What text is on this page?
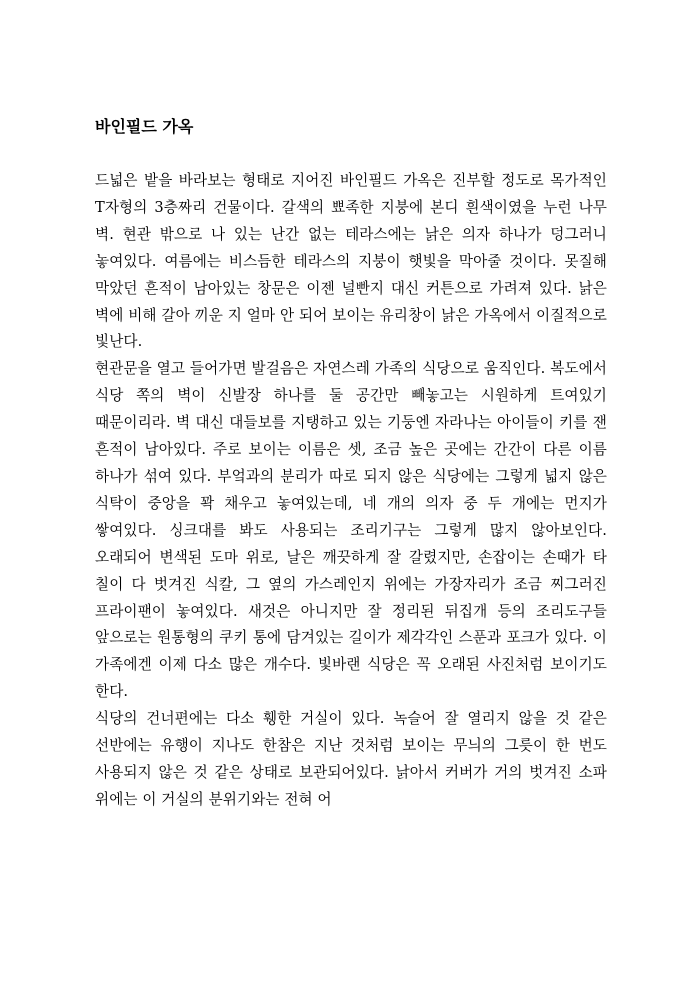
바인필드 가옥

드넓은 밭을 바라보는 형태로 지어진 바인필드 가옥은 진부할 정도로 목가적인 T자형의 3층짜리 건물이다. 갈색의 뾰족한 지붕에 본디 흰색이였을 누런 나무 벽. 현관 밖으로 나 있는 난간 없는 테라스에는 낡은 의자 하나가 덩그러니 놓여있다. 여름에는 비스듬한 테라스의 지붕이 햇빛을 막아줄 것이다. 못질해 막았던 흔적이 남아있는 창문은 이젠 널빤지 대신 커튼으로 가려져 있다. 낡은 벽에 비해 갈아 끼운 지 얼마 안 되어 보이는 유리창이 낡은 가옥에서 이질적으로 빛난다.

현관문을 열고 들어가면 발걸음은 자연스레 가족의 식당으로 움직인다. 복도에서 식당 쪽의 벽이 신발장 하나를 둘 공간만 빼놓고는 시원하게 트여있기 때문이리라. 벽 대신 대들보를 지탱하고 있는 기둥엔 자라나는 아이들이 키를 잰 흔적이 남아있다. 주로 보이는 이름은 셋, 조금 높은 곳에는 간간이 다른 이름 하나가 섞여 있다. 부엌과의 분리가 따로 되지 않은 식당에는 그렇게 넓지 않은 식탁이 중앙을 꽉 채우고 놓여있는데, 네 개의 의자 중 두 개에는 먼지가 쌓여있다. 싱크대를 봐도 사용되는 조리기구는 그렇게 많지 않아보인다. 오래되어 변색된 도마 위로, 날은 깨끗하게 잘 갈렸지만, 손잡이는 손때가 타 칠이 다 벗겨진 식칼, 그 옆의 가스레인지 위에는 가장자리가 조금 찌그러진 프라이팬이 놓여있다. 새것은 아니지만 잘 정리된 뒤집개 등의 조리도구들 앞으로는 원통형의 쿠키 통에 담겨있는 길이가 제각각인 스푼과 포크가 있다. 이 가족에겐 이제 다소 많은 개수다. 빛바랜 식당은 꼭 오래된 사진처럼 보이기도 한다.

식당의 건너편에는 다소 휑한 거실이 있다. 녹슬어 잘 열리지 않을 것 같은 선반에는 유행이 지나도 한참은 지난 것처럼 보이는 무늬의 그릇이 한 번도 사용되지 않은 것 같은 상태로 보관되어있다. 낡아서 커버가 거의 벗겨진 소파 위에는 이 거실의 분위기와는 전혀 어
